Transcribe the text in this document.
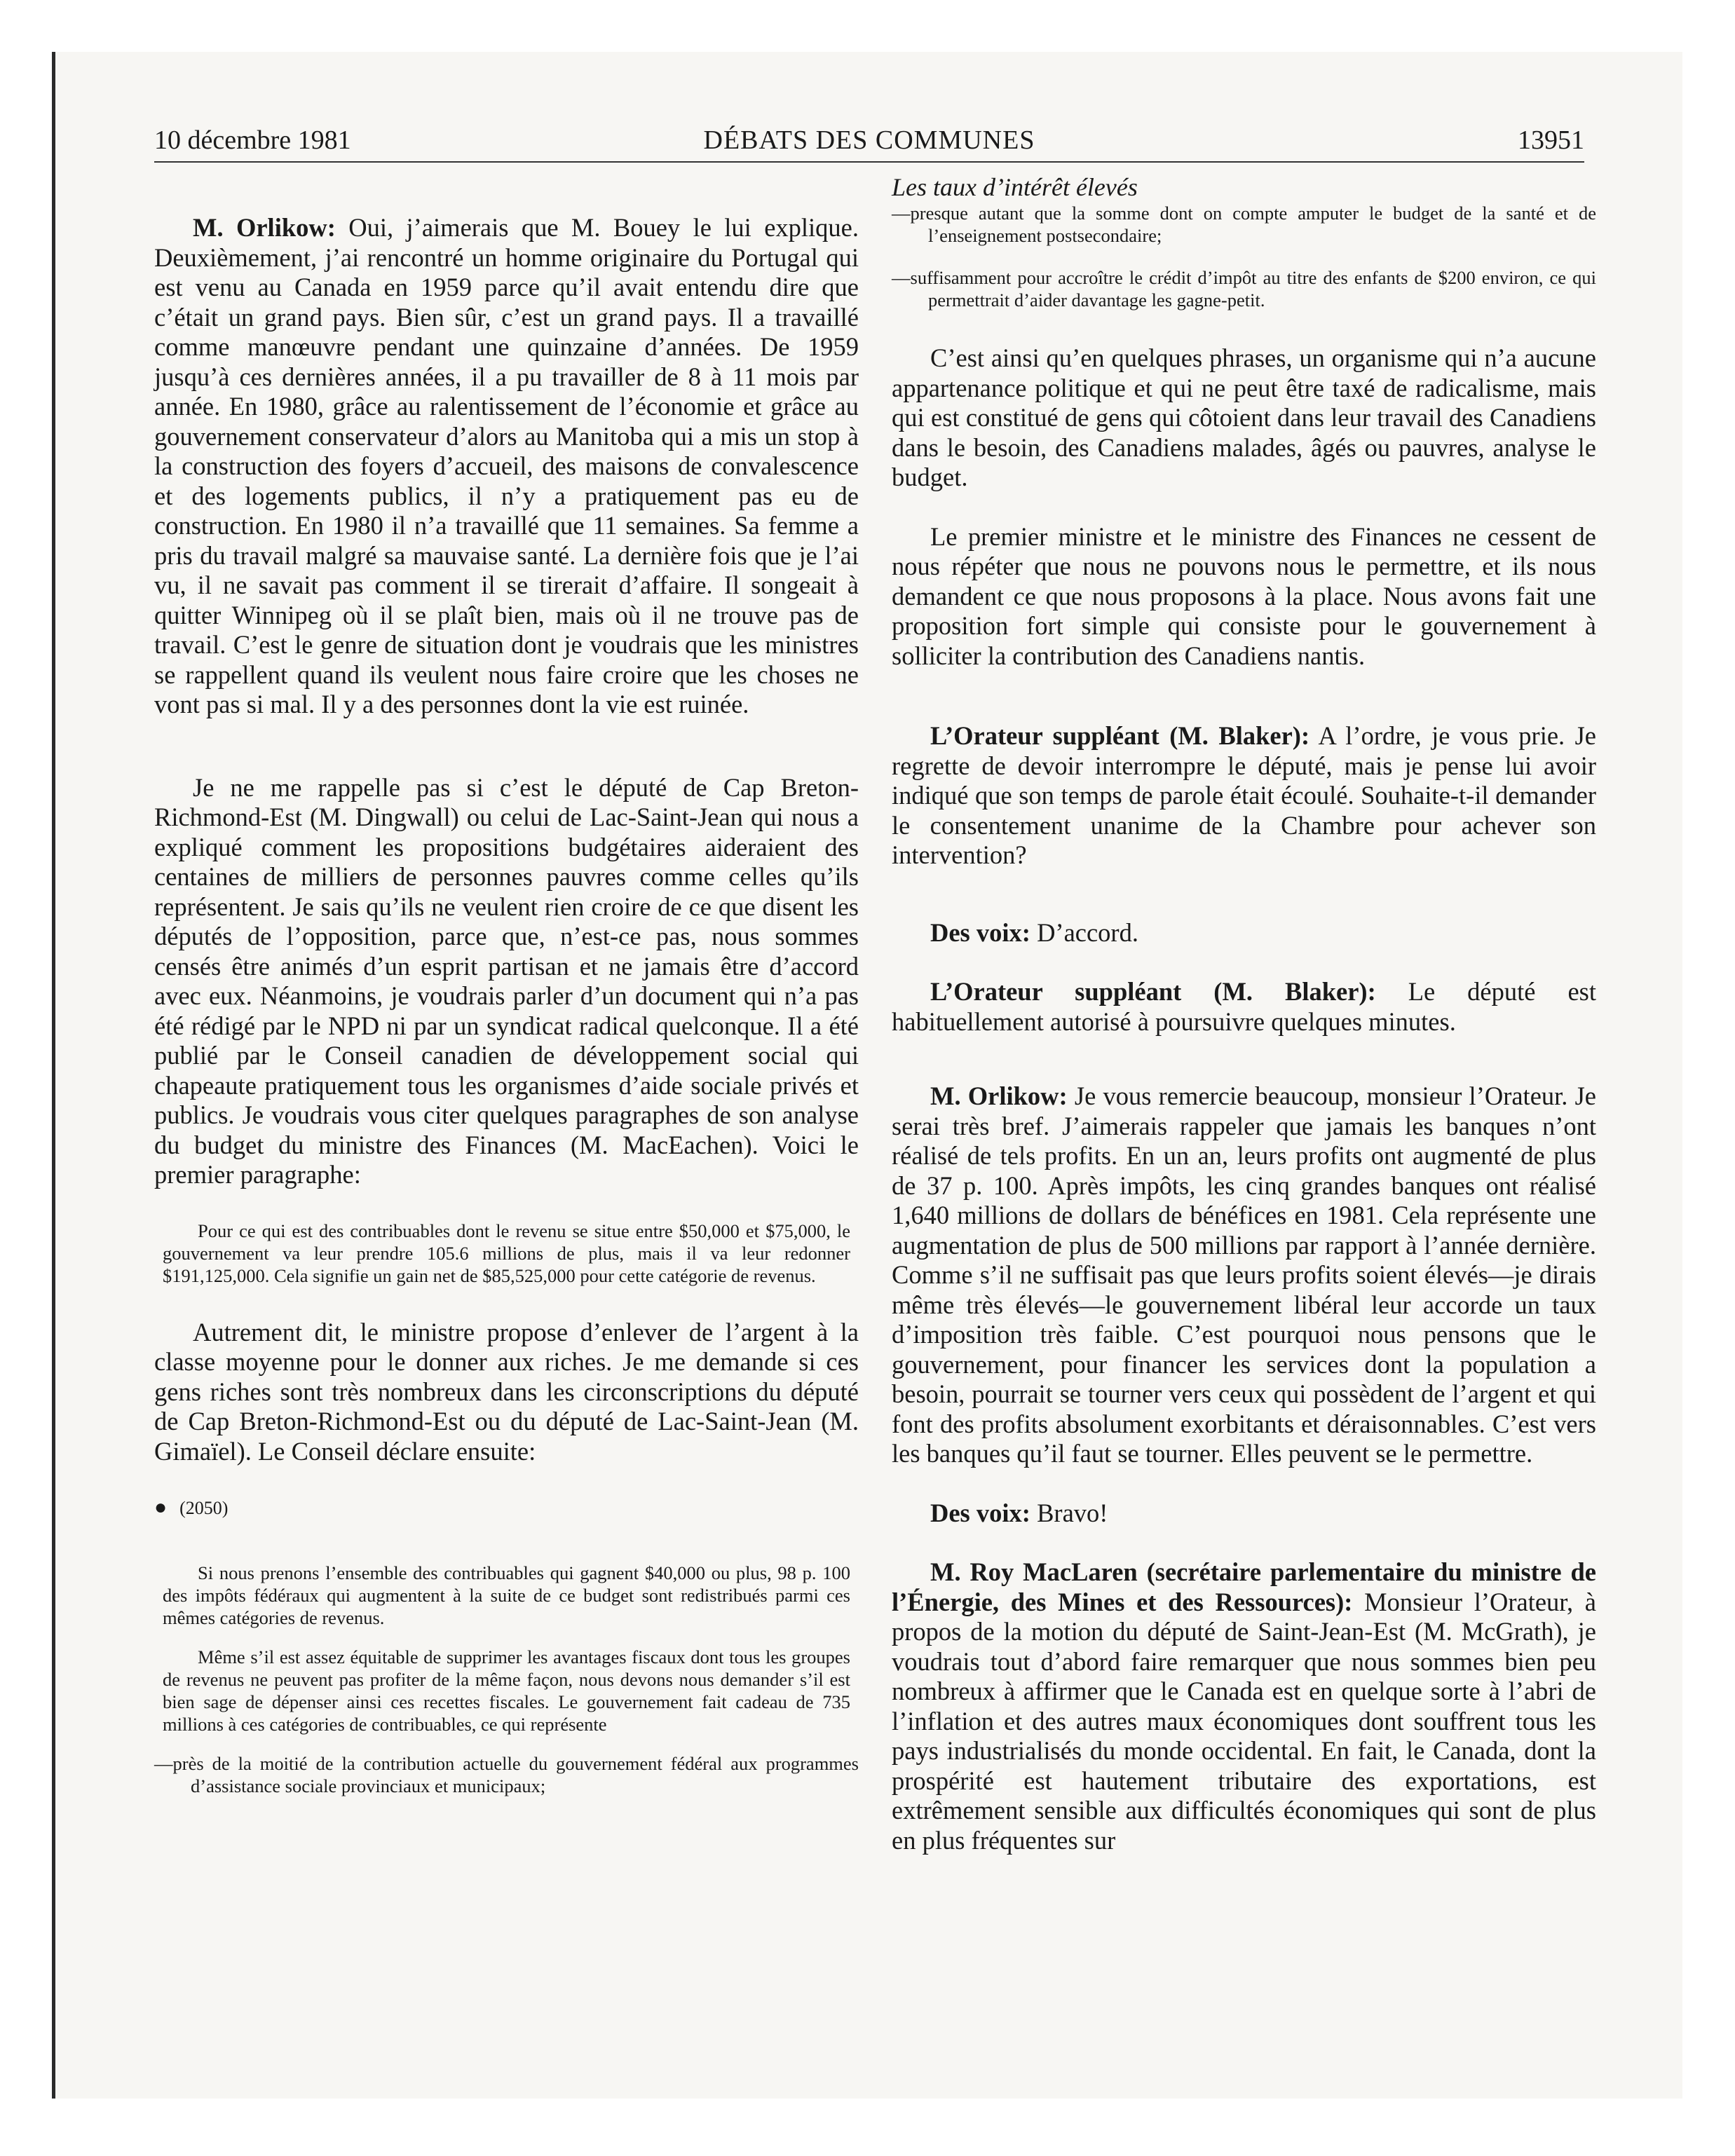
10 décembre 1981	DÉBATS DES COMMUNES	13951

M. Orlikow: Oui, j’aimerais que M. Bouey le lui explique. Deuxièmement, j’ai rencontré un homme originaire du Portugal qui est venu au Canada en 1959 parce qu’il avait entendu dire que c’était un grand pays. Bien sûr, c’est un grand pays. Il a travaillé comme manœuvre pendant une quinzaine d’années. De 1959 jusqu’à ces dernières années, il a pu travailler de 8 à 11 mois par année. En 1980, grâce au ralentissement de l’économie et grâce au gouvernement conservateur d’alors au Manitoba qui a mis un stop à la construction des foyers d’accueil, des maisons de convalescence et des logements publics, il n’y a pratiquement pas eu de construction. En 1980 il n’a travaillé que 11 semaines. Sa femme a pris du travail malgré sa mauvaise santé. La dernière fois que je l’ai vu, il ne savait pas comment il se tirerait d’affaire. Il songeait à quitter Winnipeg où il se plaît bien, mais où il ne trouve pas de travail. C’est le genre de situation dont je voudrais que les ministres se rappellent quand ils veulent nous faire croire que les choses ne vont pas si mal. Il y a des personnes dont la vie est ruinée.

Je ne me rappelle pas si c’est le député de Cap Breton-Richmond-Est (M. Dingwall) ou celui de Lac-Saint-Jean qui nous a expliqué comment les propositions budgétaires aideraient des centaines de milliers de personnes pauvres comme celles qu’ils représentent. Je sais qu’ils ne veulent rien croire de ce que disent les députés de l’opposition, parce que, n’est-ce pas, nous sommes censés être animés d’un esprit partisan et ne jamais être d’accord avec eux. Néanmoins, je voudrais parler d’un document qui n’a pas été rédigé par le NPD ni par un syndicat radical quelconque. Il a été publié par le Conseil canadien de développement social qui chapeaute pratiquement tous les organismes d’aide sociale privés et publics. Je voudrais vous citer quelques paragraphes de son analyse du budget du ministre des Finances (M. MacEachen). Voici le premier paragraphe:

Pour ce qui est des contribuables dont le revenu se situe entre $50,000 et $75,000, le gouvernement va leur prendre 105.6 millions de plus, mais il va leur redonner $191,125,000. Cela signifie un gain net de $85,525,000 pour cette catégorie de revenus.

Autrement dit, le ministre propose d’enlever de l’argent à la classe moyenne pour le donner aux riches. Je me demande si ces gens riches sont très nombreux dans les circonscriptions du député de Cap Breton-Richmond-Est ou du député de Lac-Saint-Jean (M. Gimaïel). Le Conseil déclare ensuite:

● (2050)

Si nous prenons l’ensemble des contribuables qui gagnent $40,000 ou plus, 98 p. 100 des impôts fédéraux qui augmentent à la suite de ce budget sont redistribués parmi ces mêmes catégories de revenus.

Même s’il est assez équitable de supprimer les avantages fiscaux dont tous les groupes de revenus ne peuvent pas profiter de la même façon, nous devons nous demander s’il est bien sage de dépenser ainsi ces recettes fiscales. Le gouvernement fait cadeau de 735 millions à ces catégories de contribuables, ce qui représente

—près de la moitié de la contribution actuelle du gouvernement fédéral aux programmes d’assistance sociale provinciaux et municipaux;

Les taux d’intérêt élevés

—presque autant que la somme dont on compte amputer le budget de la santé et de l’enseignement postsecondaire;

—suffisamment pour accroître le crédit d’impôt au titre des enfants de $200 environ, ce qui permettrait d’aider davantage les gagne-petit.

C’est ainsi qu’en quelques phrases, un organisme qui n’a aucune appartenance politique et qui ne peut être taxé de radicalisme, mais qui est constitué de gens qui côtoient dans leur travail des Canadiens dans le besoin, des Canadiens malades, âgés ou pauvres, analyse le budget.

Le premier ministre et le ministre des Finances ne cessent de nous répéter que nous ne pouvons nous le permettre, et ils nous demandent ce que nous proposons à la place. Nous avons fait une proposition fort simple qui consiste pour le gouvernement à solliciter la contribution des Canadiens nantis.

L’Orateur suppléant (M. Blaker): A l’ordre, je vous prie. Je regrette de devoir interrompre le député, mais je pense lui avoir indiqué que son temps de parole était écoulé. Souhaite-t-il demander le consentement unanime de la Chambre pour achever son intervention?

Des voix: D’accord.

L’Orateur suppléant (M. Blaker): Le député est habituellement autorisé à poursuivre quelques minutes.

M. Orlikow: Je vous remercie beaucoup, monsieur l’Orateur. Je serai très bref. J’aimerais rappeler que jamais les banques n’ont réalisé de tels profits. En un an, leurs profits ont augmenté de plus de 37 p. 100. Après impôts, les cinq grandes banques ont réalisé 1,640 millions de dollars de bénéfices en 1981. Cela représente une augmentation de plus de 500 millions par rapport à l’année dernière. Comme s’il ne suffisait pas que leurs profits soient élevés—je dirais même très élevés—le gouvernement libéral leur accorde un taux d’imposition très faible. C’est pourquoi nous pensons que le gouvernement, pour financer les services dont la population a besoin, pourrait se tourner vers ceux qui possèdent de l’argent et qui font des profits absolument exorbitants et déraisonnables. C’est vers les banques qu’il faut se tourner. Elles peuvent se le permettre.

Des voix: Bravo!

M. Roy MacLaren (secrétaire parlementaire du ministre de l’Énergie, des Mines et des Ressources): Monsieur l’Orateur, à propos de la motion du député de Saint-Jean-Est (M. McGrath), je voudrais tout d’abord faire remarquer que nous sommes bien peu nombreux à affirmer que le Canada est en quelque sorte à l’abri de l’inflation et des autres maux économiques dont souffrent tous les pays industrialisés du monde occidental. En fait, le Canada, dont la prospérité est hautement tributaire des exportations, est extrêmement sensible aux difficultés économiques qui sont de plus en plus fréquentes sur
